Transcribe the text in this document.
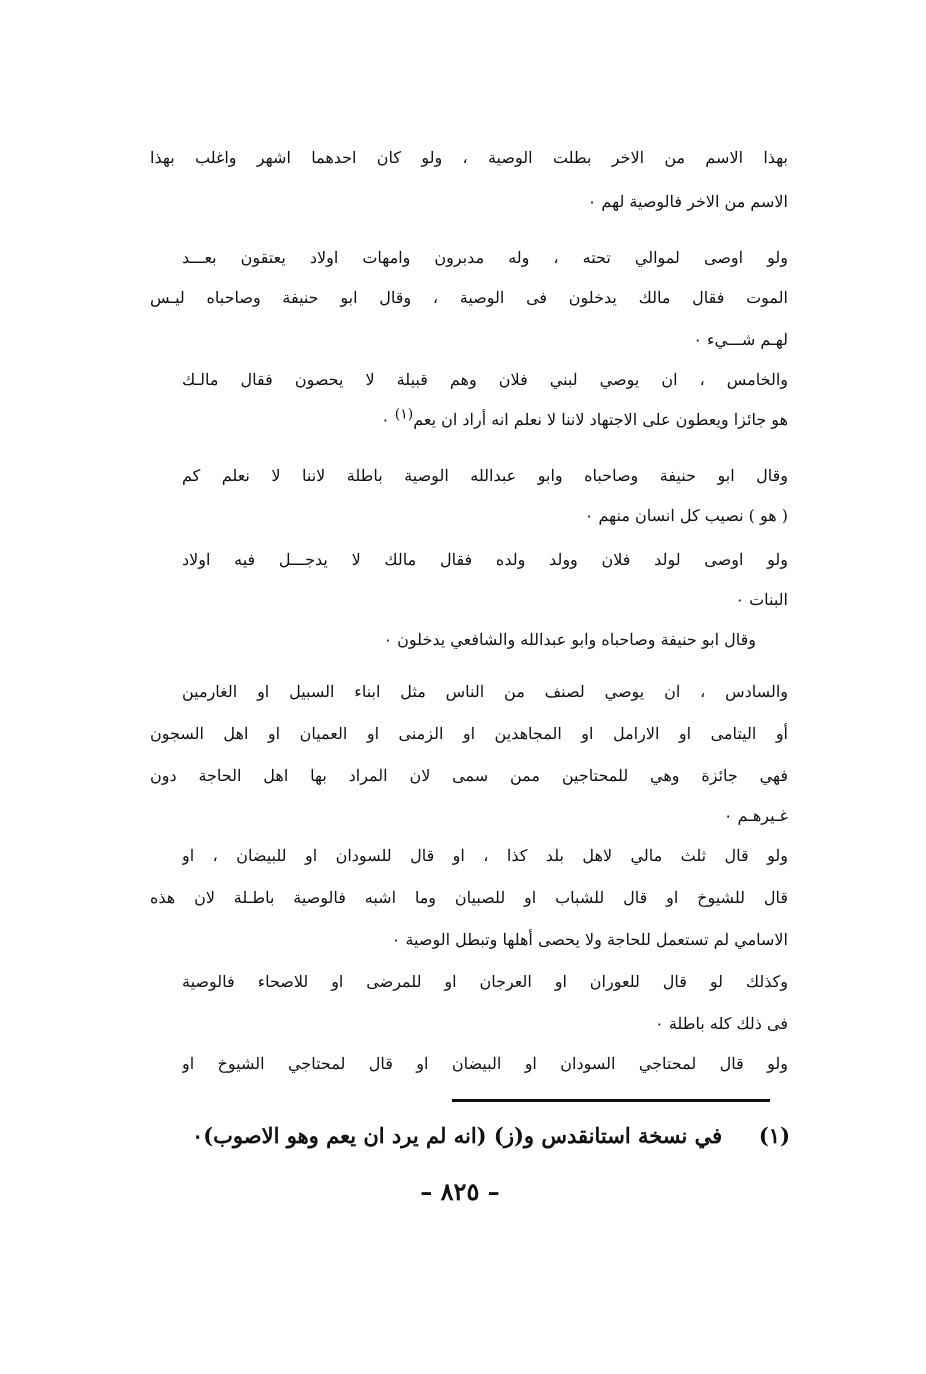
بهذا الاسم من الاخر بطلت الوصية ، ولو كان احدهما اشهر واغلب بهذا
الاسم من الاخر فالوصية لهم ٠
ولو اوصى لموالي تحته ، وله مدبرون وامهات اولاد يعتقون بعـــد
الموت فقال مالك يدخلون فى الوصية ، وقال ابو حنيفة وصاحباه ليـس
لهـم شـــيء ٠
والخامس ، ان يوصي لبني فلان وهم قبيلة لا يحصون فقال مالـك
هو جائزا ويعطون على الاجتهاد لاننا لا نعلم انه أراد ان يعم$^{(١)}$ ٠
وقال ابو حنيفة وصاحباه وابو عبدالله الوصية باطلة لاننا لا نعلم كم
( هو ) نصيب كل انسان منهم ٠
ولو اوصى لولد فلان وولد ولده فقال مالك لا يدجـــل فيه اولاد
البنات ٠
وقال ابو حنيفة وصاحباه وابو عبدالله والشافعي يدخلون ٠
والسادس ، ان يوصي لصنف من الناس مثل ابناء السبيل او الغارمين
أو اليتامى او الارامل او المجاهدين او الزمنى او العميان او اهل السجون
فهي جائزة وهي للمحتاجين ممن سمى لان المراد بها اهل الحاجة دون
غـيرهـم ٠
ولو قال ثلث مالي لاهل بلد كذا ، او قال للسودان او للبيضان ، او
قال للشيوخ او قال للشباب او للصبيان وما اشبه فالوصية باطـلة لان هذه
الاسامي لم تستعمل للحاجة ولا يحصى أهلها وتبطل الوصية ٠
وكذلك لو قال للعوران او العرجان او للمرضى او للاصحاء فالوصية
فى ذلك كله باطلة ٠
ولو قال لمحتاجي السودان او البيضان او قال لمحتاجي الشيوخ او
(١)  في نسخة استانقدس و(ز) (انه لم يرد ان يعم وهو الاصوب)٠
– ٨٢٥ –
